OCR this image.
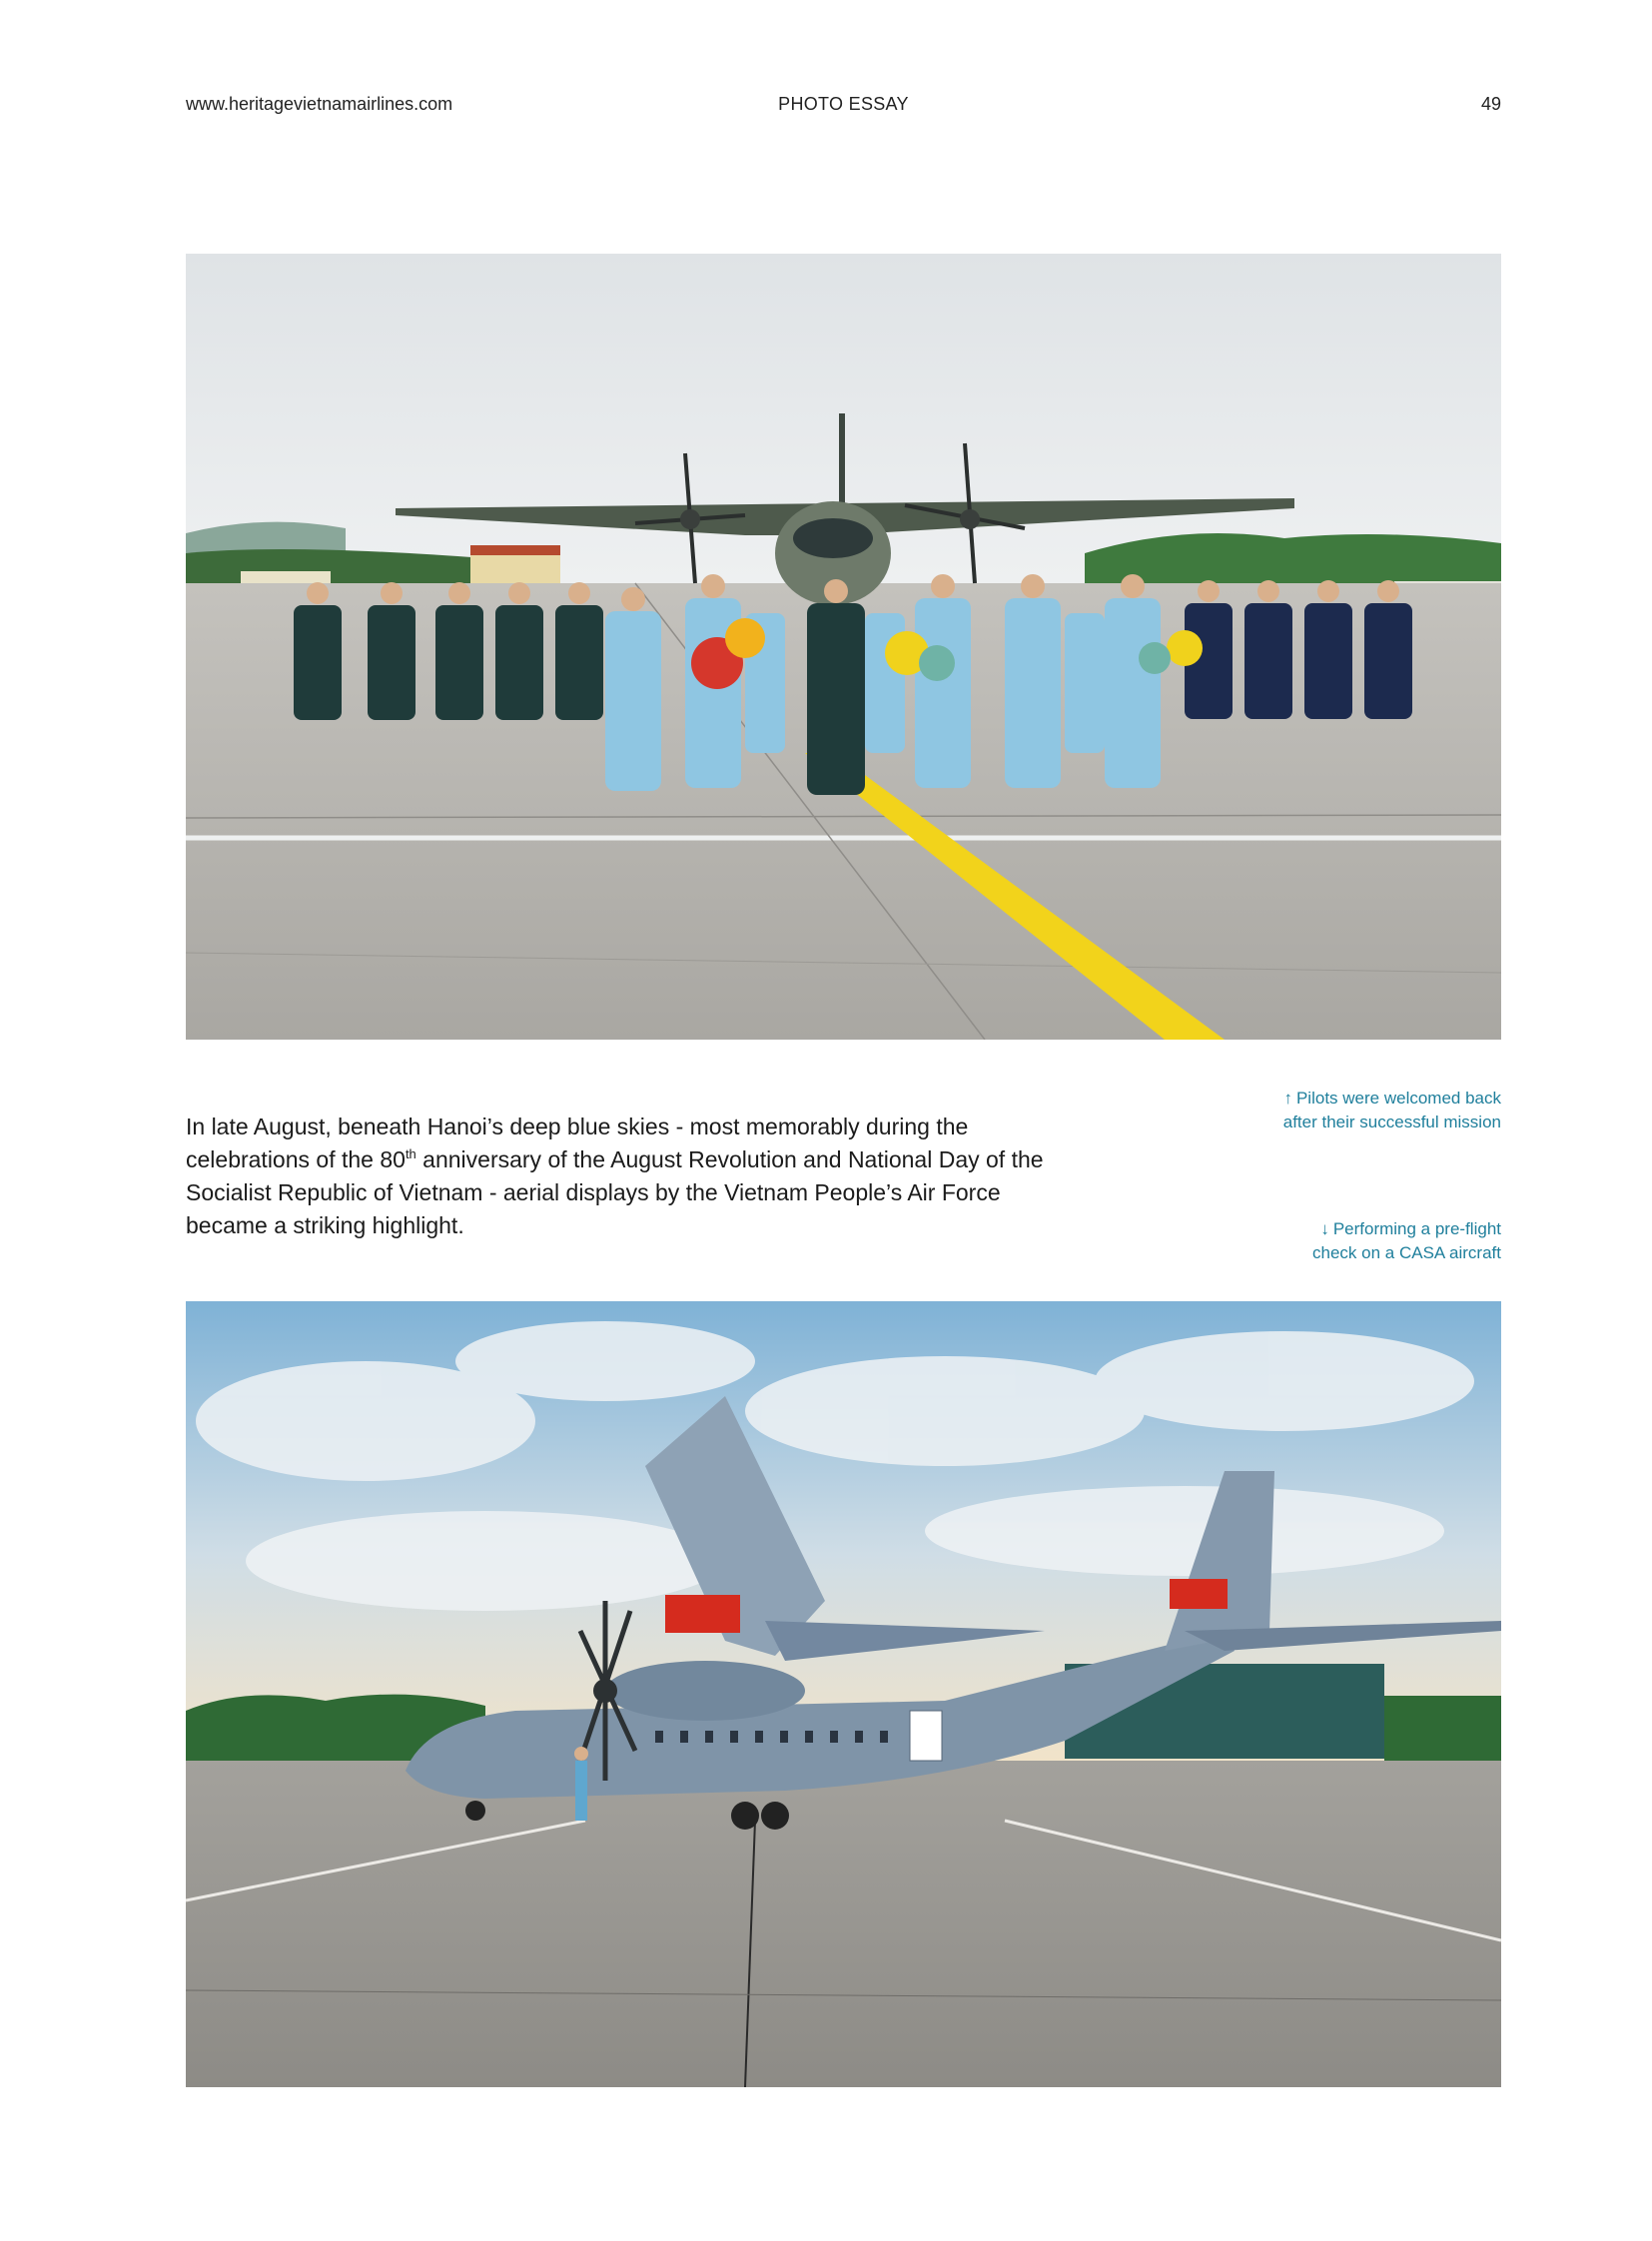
www.heritagevietnamairlines.com	PHOTO ESSAY	49
In late August, beneath Hanoi’s deep blue skies - most memorably during the celebrations of the 80th anniversary of the August Revolution and National Day of the Socialist Republic of Vietnam - aerial displays by the Vietnam People’s Air Force became a striking highlight.
↑ Pilots were welcomed back
after their successful mission
↓ Performing a pre-flight
check on a CASA aircraft
